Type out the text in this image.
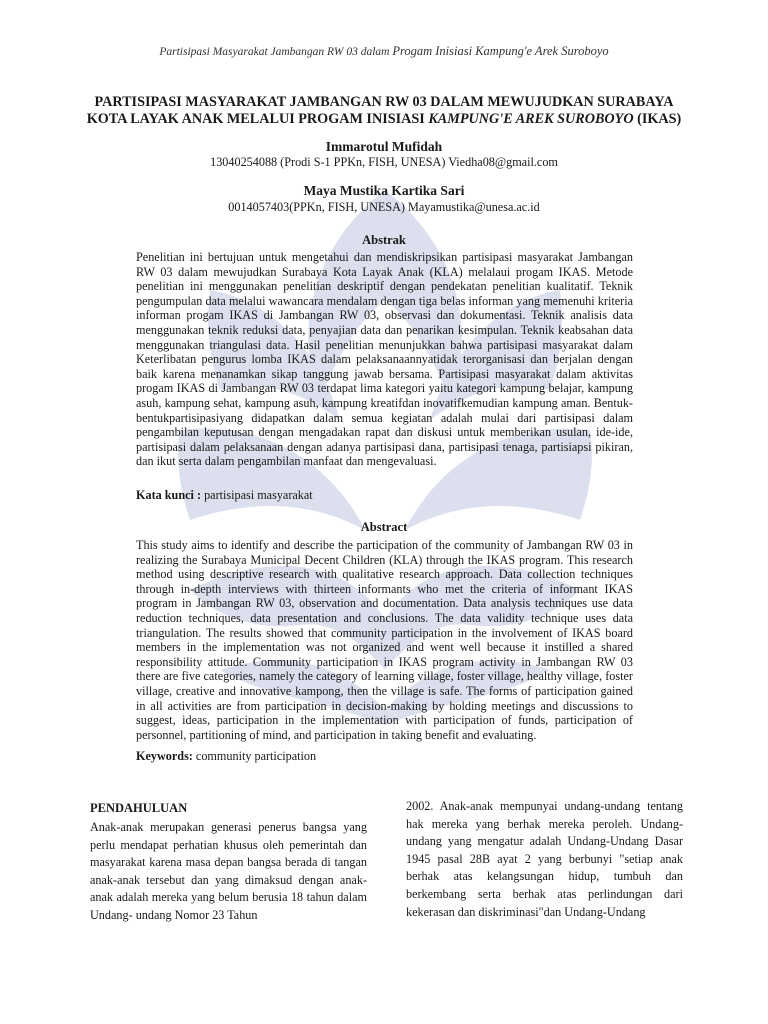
Partisipasi Masyarakat Jambangan RW 03 dalam Progam Inisiasi Kampung'e Arek Suroboyo
PARTISIPASI MASYARAKAT JAMBANGAN RW 03 DALAM MEWUJUDKAN SURABAYA
KOTA LAYAK ANAK MELALUI PROGAM INISIASI KAMPUNG'E AREK SUROBOYO (IKAS)
Immarotul Mufidah
13040254088 (Prodi S-1 PPKn, FISH, UNESA) Viedha08@gmail.com
Maya Mustika Kartika Sari
0014057403(PPKn, FISH, UNESA) Mayamustika@unesa.ac.id
Abstrak

Penelitian ini bertujuan untuk mengetahui dan mendiskripsikan partisipasi masyarakat Jambangan RW 03 dalam mewujudkan Surabaya Kota Layak Anak (KLA) melalaui progam IKAS. Metode penelitian ini menggunakan penelitian deskriptif dengan pendekatan penelitian kualitatif. Teknik pengumpulan data melalui wawancara mendalam dengan tiga belas informan yang memenuhi kriteria informan progam IKAS di Jambangan RW 03, observasi dan dokumentasi. Teknik analisis data menggunakan teknik reduksi data, penyajian data dan penarikan kesimpulan. Teknik keabsahan data menggunakan triangulasi data. Hasil penelitian menunjukkan bahwa partisipasi masyarakat dalam Keterlibatan pengurus lomba IKAS dalam pelaksanaannyatidak terorganisasi dan berjalan dengan baik karena menanamkan sikap tanggung jawab bersama. Partisipasi masyarakat dalam aktivitas progam IKAS di Jambangan RW 03 terdapat lima kategori yaitu kategori kampung belajar, kampung asuh, kampung sehat, kampung asuh, kampung kreatifdan inovatifkemudian kampung aman. Bentuk-bentukpartisipasiyang didapatkan dalam semua kegiatan adalah mulai dari partisipasi dalam pengambilan keputusan dengan mengadakan rapat dan diskusi untuk memberikan usulan, ide-ide, partisipasi dalam pelaksanaan dengan adanya partisipasi dana, partisipasi tenaga, partisiapsi pikiran, dan ikut serta dalam pengambilan manfaat dan mengevaluasi.

Kata kunci : partisipasi masyarakat
Abstract

This study aims to identify and describe the participation of the community of Jambangan RW 03 in realizing the Surabaya Municipal Decent Children (KLA) through the IKAS program. This research method using descriptive research with qualitative research approach. Data collection techniques through in-depth interviews with thirteen informants who met the criteria of informant IKAS program in Jambangan RW 03, observation and documentation. Data analysis techniques use data reduction techniques, data presentation and conclusions. The data validity technique uses data triangulation. The results showed that community participation in the involvement of IKAS board members in the implementation was not organized and went well because it instilled a shared responsibility attitude. Community participation in IKAS program activity in Jambangan RW 03 there are five categories, namely the category of learning village, foster village, healthy village, foster village, creative and innovative kampong, then the village is safe. The forms of participation gained in all activities are from participation in decision-making by holding meetings and discussions to suggest, ideas, participation in the implementation with participation of funds, participation of personnel, partitioning of mind, and participation in taking benefit and evaluating.

Keywords: community participation
PENDAHULUAN

Anak-anak merupakan generasi penerus bangsa yang perlu mendapat perhatian khusus oleh pemerintah dan masyarakat karena masa depan bangsa berada di tangan anak-anak tersebut dan yang dimaksud dengan anak-anak adalah mereka yang belum berusia 18 tahun dalam Undang- undang Nomor 23 Tahun

2002. Anak-anak mempunyai undang-undang tentang hak mereka yang berhak mereka peroleh. Undang-undang yang mengatur adalah Undang-Undang Dasar 1945 pasal 28B ayat 2 yang berbunyi "setiap anak berhak atas kelangsungan hidup, tumbuh dan berkembang serta berhak atas perlindungan dari kekerasan dan diskriminasi"dan Undang-Undang
